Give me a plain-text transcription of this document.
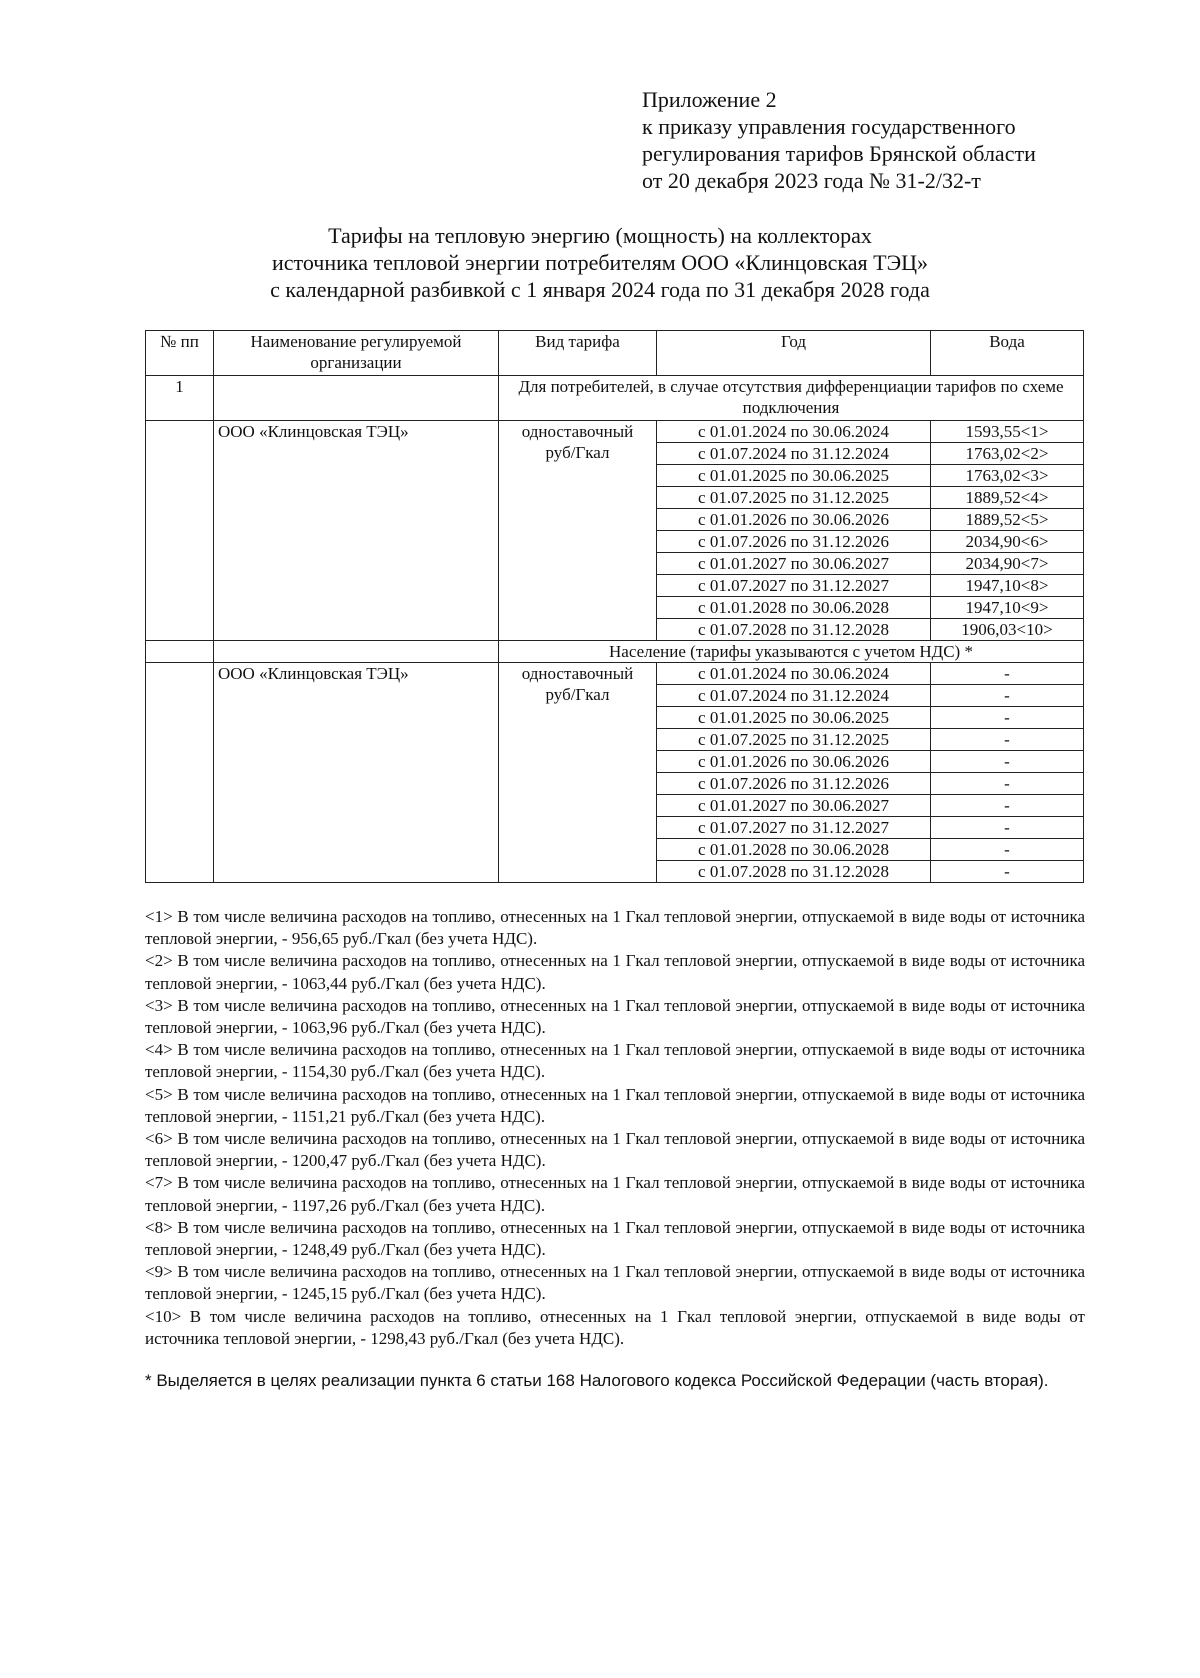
Приложение 2
к приказу управления государственного
регулирования тарифов Брянской области
от 20 декабря 2023 года № 31-2/32-т
Тарифы на тепловую энергию (мощность) на коллекторах
источника тепловой энергии потребителям ООО «Клинцовская ТЭЦ»
с календарной разбивкой с 1 января 2024 года по 31 декабря 2028 года
№ пп	Наименование регулируемой организации	Вид тарифа	Год	Вода
1		Для потребителей, в случае отсутствия дифференциации тарифов по схеме подключения		
	ООО «Клинцовская ТЭЦ»	одноставочный руб/Гкал	с 01.01.2024 по 30.06.2024	1593,55<1>
			с 01.07.2024 по 31.12.2024	1763,02<2>
			с 01.01.2025 по 30.06.2025	1763,02<3>
			с 01.07.2025 по 31.12.2025	1889,52<4>
			с 01.01.2026 по 30.06.2026	1889,52<5>
			с 01.07.2026 по 31.12.2026	2034,90<6>
			с 01.01.2027 по 30.06.2027	2034,90<7>
			с 01.07.2027 по 31.12.2027	1947,10<8>
			с 01.01.2028 по 30.06.2028	1947,10<9>
			с 01.07.2028 по 31.12.2028	1906,03<10>
		Население (тарифы указываются с учетом НДС) *		
	ООО «Клинцовская ТЭЦ»	одноставочный руб/Гкал	с 01.01.2024 по 30.06.2024	-
			с 01.07.2024 по 31.12.2024	-
			с 01.01.2025 по 30.06.2025	-
			с 01.07.2025 по 31.12.2025	-
			с 01.01.2026 по 30.06.2026	-
			с 01.07.2026 по 31.12.2026	-
			с 01.01.2027 по 30.06.2027	-
			с 01.07.2027 по 31.12.2027	-
			с 01.01.2028 по 30.06.2028	-
			с 01.07.2028 по 31.12.2028	-

<1> В том числе величина расходов на топливо, отнесенных на 1 Гкал тепловой энергии, отпускаемой в виде воды от источника тепловой энергии, - 956,65 руб./Гкал (без учета НДС).

<2> В том числе величина расходов на топливо, отнесенных на 1 Гкал тепловой энергии, отпускаемой в виде воды от источника тепловой энергии, - 1063,44 руб./Гкал (без учета НДС).

<3> В том числе величина расходов на топливо, отнесенных на 1 Гкал тепловой энергии, отпускаемой в виде воды от источника тепловой энергии, - 1063,96 руб./Гкал (без учета НДС).

<4> В том числе величина расходов на топливо, отнесенных на 1 Гкал тепловой энергии, отпускаемой в виде воды от источника тепловой энергии, - 1154,30 руб./Гкал (без учета НДС).

<5> В том числе величина расходов на топливо, отнесенных на 1 Гкал тепловой энергии, отпускаемой в виде воды от источника тепловой энергии, - 1151,21 руб./Гкал (без учета НДС).

<6> В том числе величина расходов на топливо, отнесенных на 1 Гкал тепловой энергии, отпускаемой в виде воды от источника тепловой энергии, - 1200,47 руб./Гкал (без учета НДС).

<7> В том числе величина расходов на топливо, отнесенных на 1 Гкал тепловой энергии, отпускаемой в виде воды от источника тепловой энергии, - 1197,26 руб./Гкал (без учета НДС).

<8> В том числе величина расходов на топливо, отнесенных на 1 Гкал тепловой энергии, отпускаемой в виде воды от источника тепловой энергии, - 1248,49 руб./Гкал (без учета НДС).

<9> В том числе величина расходов на топливо, отнесенных на 1 Гкал тепловой энергии, отпускаемой в виде воды от источника тепловой энергии, - 1245,15 руб./Гкал (без учета НДС).

<10> В том числе величина расходов на топливо, отнесенных на 1 Гкал тепловой энергии, отпускаемой в виде воды от источника тепловой энергии, - 1298,43 руб./Гкал (без учета НДС).

* Выделяется в целях реализации пункта 6 статьи 168 Налогового кодекса Российской Федерации (часть вторая).
